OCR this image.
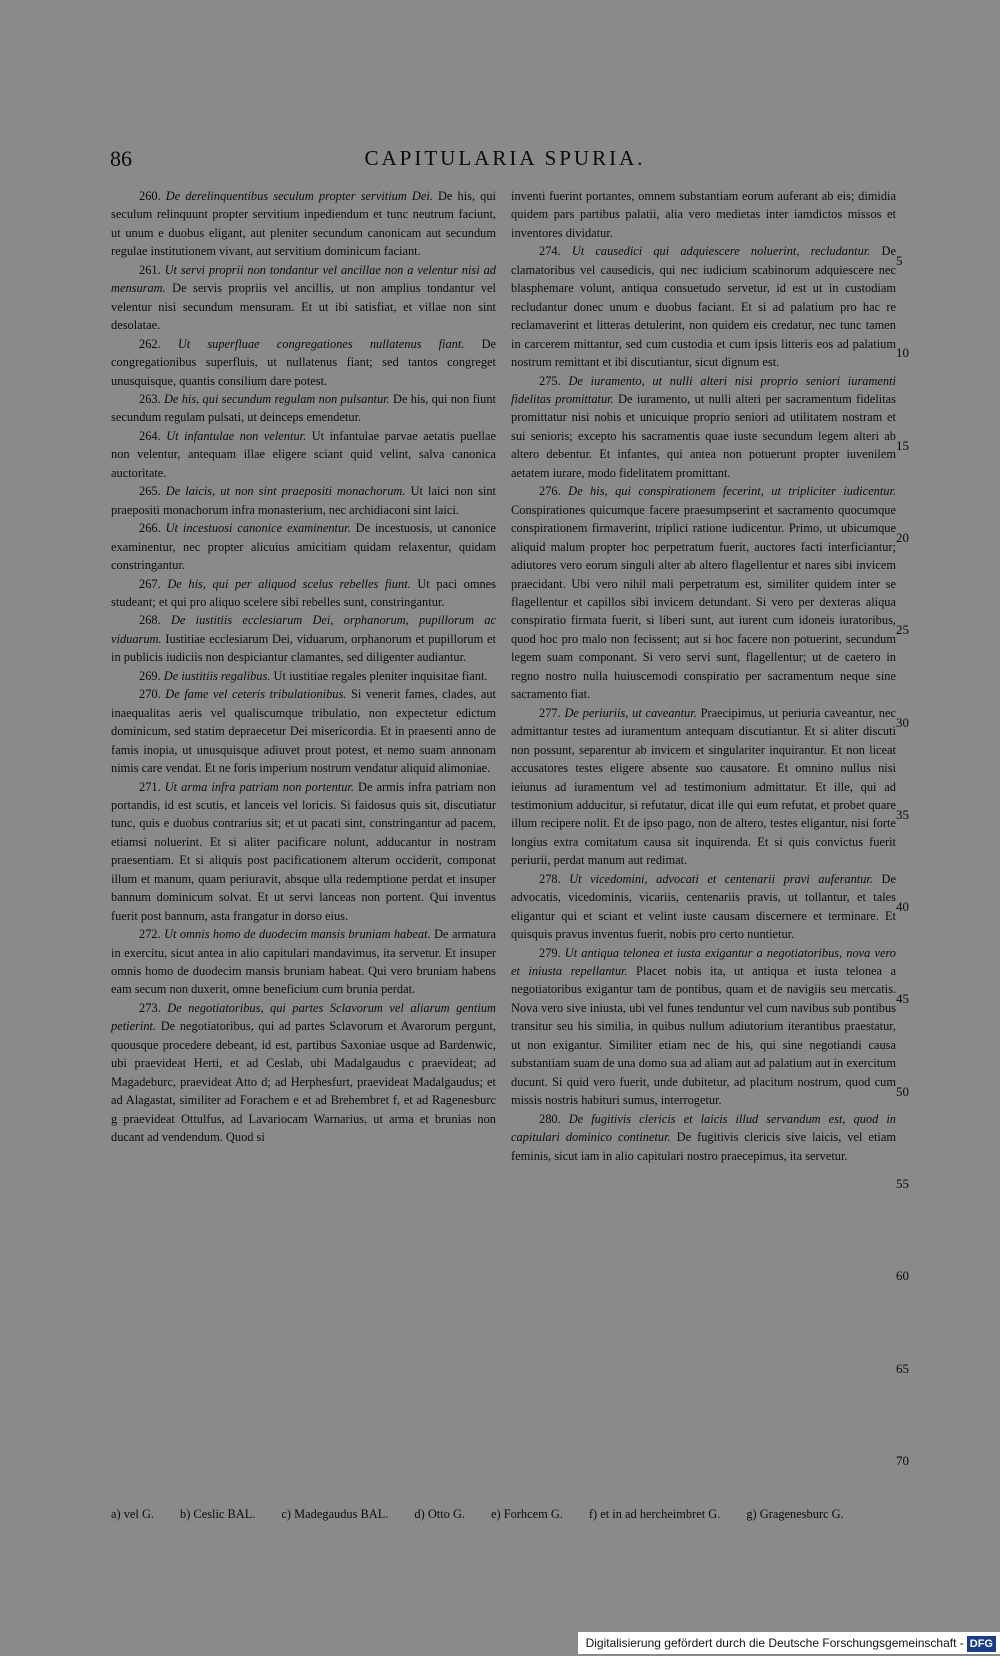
86	CAPITULARIA SPURIA.

260. De derelinquentibus seculum propter servitium Dei. De his, qui seculum relinquunt propter servitium inpediendum et tunc neutrum faciunt, ut unum e duobus eligant, aut pleniter secundum canonicam aut secundum regulae institutionem vivant, aut servitium dominicum faciant.

261. Ut servi proprii non tondantur vel ancillae non a velentur nisi ad mensuram. De servis propriis vel ancillis, ut non amplius tondantur vel velentur nisi secundum mensuram. Et ut ibi satisfiat, et villae non sint desolatae.

262. Ut superfluae congregationes nullatenus fiant. De congregationibus superfluis, ut nullatenus fiant; sed tantos congreget unusquisque, quantis consilium dare potest.

263. De his, qui secundum regulam non pulsantur. De his, qui non fiunt secundum regulam pulsati, ut deinceps emendetur.

264. Ut infantulae non velentur. Ut infantulae parvae aetatis puellae non velentur, antequam illae eligere sciant quid velint, salva canonica auctoritate.

265. De laicis, ut non sint praepositi monachorum. Ut laici non sint praepositi monachorum infra monasterium, nec archidiaconi sint laici.

266. Ut incestuosi canonice examinentur. De incestuosis, ut canonice examinentur, nec propter alicuius amicitiam quidam relaxentur, quidam constringantur.

267. De his, qui per aliquod scelus rebelles fiunt. Ut paci omnes studeant; et qui pro aliquo scelere sibi rebelles sunt, constringantur.

268. De iustitiis ecclesiarum Dei, orphanorum, pupillorum ac viduarum. Iustitiae ecclesiarum Dei, viduarum, orphanorum et pupillorum et in publicis iudiciis non despiciantur clamantes, sed diligenter audiantur.

269. De iustitiis regalibus. Ut iustitiae regales pleniter inquisitae fiant.

270. De fame vel ceteris tribulationibus. Si venerit fames, clades, aut inaequalitas aeris vel qualiscumque tribulatio, non expectetur edictum dominicum, sed statim depraecetur Dei misericordia. Et in praesenti anno de famis inopia, ut unusquisque adiuvet prout potest, et nemo suam annonam nimis care vendat. Et ne foris imperium nostrum vendatur aliquid alimoniae.

271. Ut arma infra patriam non portentur. De armis infra patriam non portandis, id est scutis, et lanceis vel loricis. Si faidosus quis sit, discutiatur tunc, quis e duobus contrarius sit; et ut pacati sint, constringantur ad pacem, etiamsi noluerint. Et si aliter pacificare nolunt, adducantur in nostram praesentiam. Et si aliquis post pacificationem alterum occiderit, componat illum et manum, quam periuravit, absque ulla redemptione perdat et insuper bannum dominicum solvat. Et ut servi lanceas non portent. Qui inventus fuerit post bannum, asta frangatur in dorso eius.

272. Ut omnis homo de duodecim mansis bruniam habeat. De armatura in exercitu, sicut antea in alio capitulari mandavimus, ita servetur. Et insuper omnis homo de duodecim mansis bruniam habeat. Qui vero bruniam habens eam secum non duxerit, omne beneficium cum brunia perdat.

273. De negotiatoribus, qui partes Sclavorum vel aliarum gentium petierint. De negotiatoribus, qui ad partes Sclavorum et Avarorum pergunt, quousque procedere debeant, id est, partibus Saxoniae usque ad Bardenwic, ubi praevideat Herti, et ad Ceslab, ubi Madalgaudus c praevideat; ad Magadeburc, praevideat Atto d; ad Herphesfurt, praevideat Madalgaudus; et ad Alagastat, similiter ad Forachem e et ad Brehembret f, et ad Ragenesburc g praevideat Ottulfus, ad Lavariocam Warnarius, ut arma et brunias non ducant ad vendendum. Quod si

inventi fuerint portantes, omnem substantiam eorum auferant ab eis; dimidia quidem pars partibus palatii, alia vero medietas inter iamdictos missos et inventores dividatur.

274. Ut causedici qui adquiescere noluerint, recludantur. De clamatoribus vel causedicis, qui nec iudicium scabinorum adquiescere nec blasphemare volunt, antiqua consuetudo servetur, id est ut in custodiam recludantur donec unum e duobus faciant. Et si ad palatium pro hac re reclamaverint et litteras detulerint, non quidem eis credatur, nec tunc tamen in carcerem mittantur, sed cum custodia et cum ipsis litteris eos ad palatium nostrum remittant et ibi discutiantur, sicut dignum est.

275. De iuramento, ut nulli alteri nisi proprio seniori iuramenti fidelitas promittatur. De iuramento, ut nulli alteri per sacramentum fidelitas promittatur nisi nobis et unicuique proprio seniori ad utilitatem nostram et sui senioris; excepto his sacramentis quae iuste secundum legem alteri ab altero debentur. Et infantes, qui antea non potuerunt propter iuvenilem aetatem iurare, modo fidelitatem promittant.

276. De his, qui conspirationem fecerint, ut tripliciter iudicentur. Conspirationes quicumque facere praesumpserint et sacramento quocumque conspirationem firmaverint, triplici ratione iudicentur. Primo, ut ubicumque aliquid malum propter hoc perpetratum fuerit, auctores facti interficiantur; adiutores vero eorum singuli alter ab altero flagellentur et nares sibi invicem praecidant. Ubi vero nihil mali perpetratum est, similiter quidem inter se flagellentur et capillos sibi invicem detundant. Si vero per dexteras aliqua conspiratio firmata fuerit, si liberi sunt, aut iurent cum idoneis iuratoribus, quod hoc pro malo non fecissent; aut si hoc facere non potuerint, secundum legem suam componant. Si vero servi sunt, flagellentur; ut de caetero in regno nostro nulla huiuscemodi conspiratio per sacramentum neque sine sacramento fiat.

277. De periuriis, ut caveantur. Praecipimus, ut periuria caveantur, nec admittantur testes ad iuramentum antequam discutiantur. Et si aliter discuti non possunt, separentur ab invicem et singulariter inquirantur. Et non liceat accusatores testes eligere absente suo causatore. Et omnino nullus nisi ieiunus ad iuramentum vel ad testimonium admittatur. Et ille, qui ad testimonium adducitur, si refutatur, dicat ille qui eum refutat, et probet quare illum recipere nolit. Et de ipso pago, non de altero, testes eligantur, nisi forte longius extra comitatum causa sit inquirenda. Et si quis convictus fuerit periurii, perdat manum aut redimat.

278. Ut vicedomini, advocati et centenarii pravi auferantur. De advocatis, vicedominis, vicariis, centenariis pravis, ut tollantur, et tales eligantur qui et sciant et velint iuste causam discernere et terminare. Et quisquis pravus inventus fuerit, nobis pro certo nuntietur.

279. Ut antiqua telonea et iusta exigantur a negotiatoribus, nova vero et iniusta repellantur. Placet nobis ita, ut antiqua et iusta telonea a negotiatoribus exigantur tam de pontibus, quam et de navigiis seu mercatis. Nova vero sive iniusta, ubi vel funes tenduntur vel cum navibus sub pontibus transitur seu his similia, in quibus nullum adiutorium iterantibus praestatur, ut non exigantur. Similiter etiam nec de his, qui sine negotiandi causa substantiam suam de una domo sua ad aliam aut ad palatium aut in exercitum ducunt. Si quid vero fuerit, unde dubitetur, ad placitum nostrum, quod cum missis nostris habituri sumus, interrogetur.

280. De fugitivis clericis et laicis illud servandum est, quod in capitulari dominico continetur. De fugitivis clericis sive laicis, vel etiam feminis, sicut iam in alio capitulari nostro praecepimus, ita servetur.

5
10
15
20
25
30
35
40
45
50
55
60
65
70
a) vel G. b) Ceslic BAL. c) Madegaudus BAL. d) Otto G. e) Forhcem G. f) et in ad hercheimbret G. g) Gragenesburc G.
Digitalisierung gefördert durch die Deutsche Forschungsgemeinschaft - DFG
